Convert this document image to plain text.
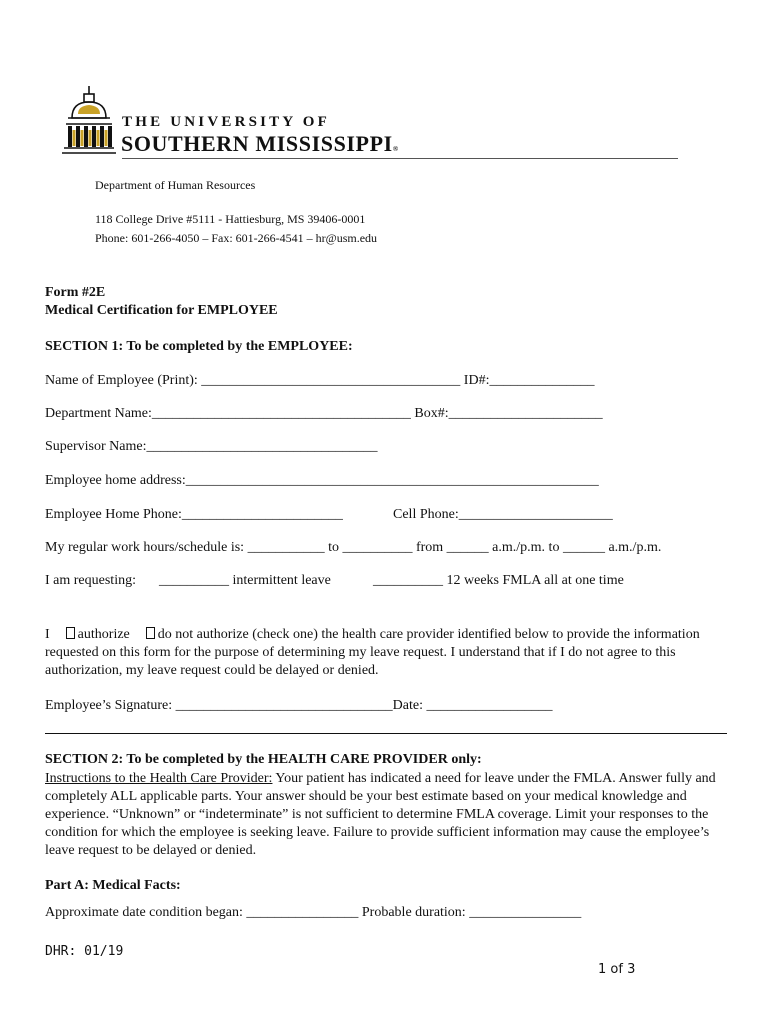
THE UNIVERSITY OF
SOUTHERN MISSISSIPPI®
Department of Human Resources
118 College Drive #5111 - Hattiesburg, MS 39406-0001
Phone: 601-266-4050 – Fax: 601-266-4541 – hr@usm.edu
Form #2E
Medical Certification for EMPLOYEE
SECTION 1: To be completed by the EMPLOYEE:
Name of Employee (Print): _____________________________________ ID#:_______________
Department Name:_____________________________________ Box#:______________________
Supervisor Name:_________________________________
Employee home address:___________________________________________________________
Employee Home Phone:_______________________	Cell Phone:______________________
My regular work hours/schedule is: ___________ to __________ from ______ a.m./p.m. to ______ a.m./p.m.
I am requesting: __________ intermittent leave	__________ 12 weeks FMLA all at one time
I authorize do not authorize (check one) the health care provider identified below to provide the information requested on this form for the purpose of determining my leave request. I understand that if I do not agree to this authorization, my leave request could be delayed or denied.
Employee’s Signature: _______________________________Date: __________________
SECTION 2: To be completed by the HEALTH CARE PROVIDER only:
Instructions to the Health Care Provider: Your patient has indicated a need for leave under the FMLA. Answer fully and completely ALL applicable parts. Your answer should be your best estimate based on your medical knowledge and experience. “Unknown” or “indeterminate” is not sufficient to determine FMLA coverage. Limit your responses to the condition for which the employee is seeking leave. Failure to provide sufficient information may cause the employee’s leave request to be delayed or denied.
Part A: Medical Facts:
Approximate date condition began: ________________ Probable duration: ________________
DHR: 01/19
1 of 3
